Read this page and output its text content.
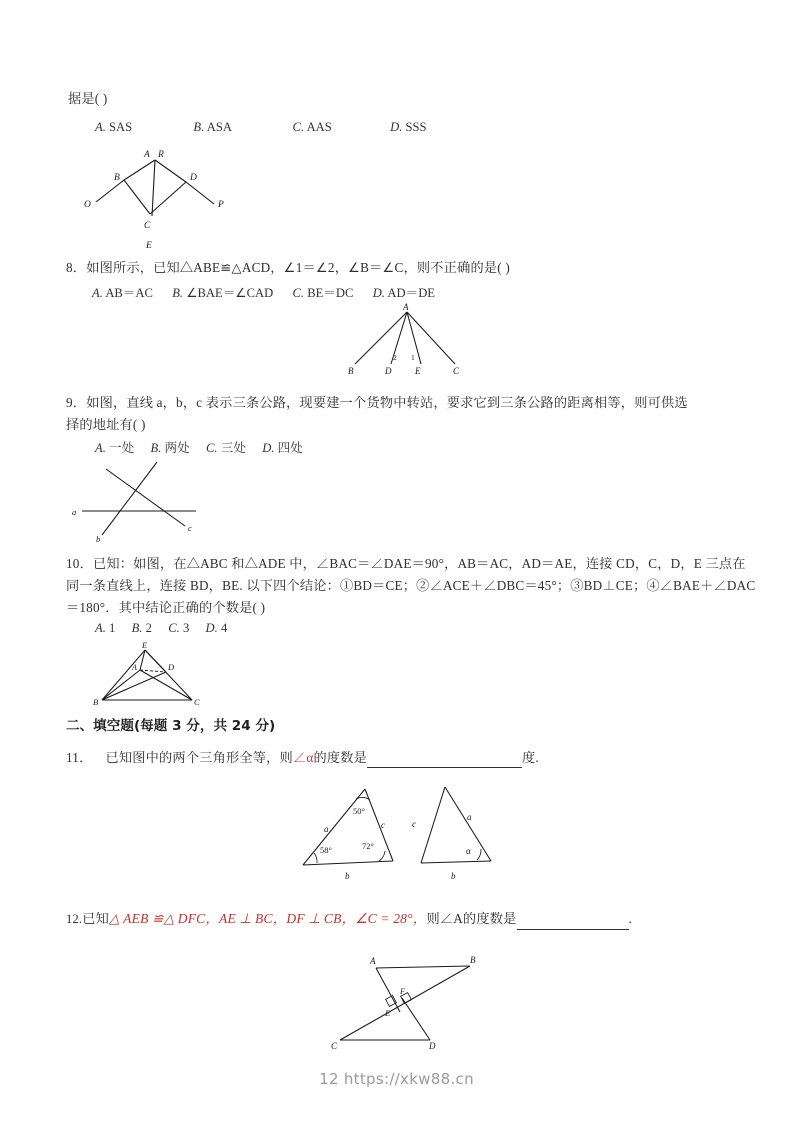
据是( )
A. SAS	B. ASA	C. AAS	D. SSS
A R
B	D
O	P
C
E
8．如图所示，已知△ABE≌△ACD，∠1＝∠2，∠B＝∠C，则不正确的是( )
A. AB＝AC B. ∠BAE＝∠CAD C. BE＝DC D. AD＝DE
A
B	D	E	C
2 1
9．如图，直线 a，b，c 表示三条公路，现要建一个货物中转站，要求它到三条公路的距离相等，则可供选
择的地址有( )
A. 一处 B. 两处 C. 三处 D. 四处
a
b
c
10．已知：如图，在△ABC 和△ADE 中，∠BAC＝∠DAE＝90°，AB＝AC，AD＝AE，连接 CD，C，D，E 三点在
同一条直线上，连接 BD，BE. 以下四个结论：①BD＝CE；②∠ACE＋∠DBC＝45°；③BD⊥CE；④∠BAE＋∠DAC
＝180°．其中结论正确的个数是( )
A. 1 B. 2 C. 3 D. 4
E
A	D
B	C
二、填空题(每题 3 分，共 24 分)
11． 已知图中的两个三角形全等，则∠α的度数是	度.
50°
58°	72°
a
b
c	c
a
b
α
12.已知△ AEB ≌△ DFC，AE ⊥ BC，DF ⊥ CB，∠C = 28°，则∠A的度数是	.
A	B
F
E
C	D
12 https://xkw88.cn
